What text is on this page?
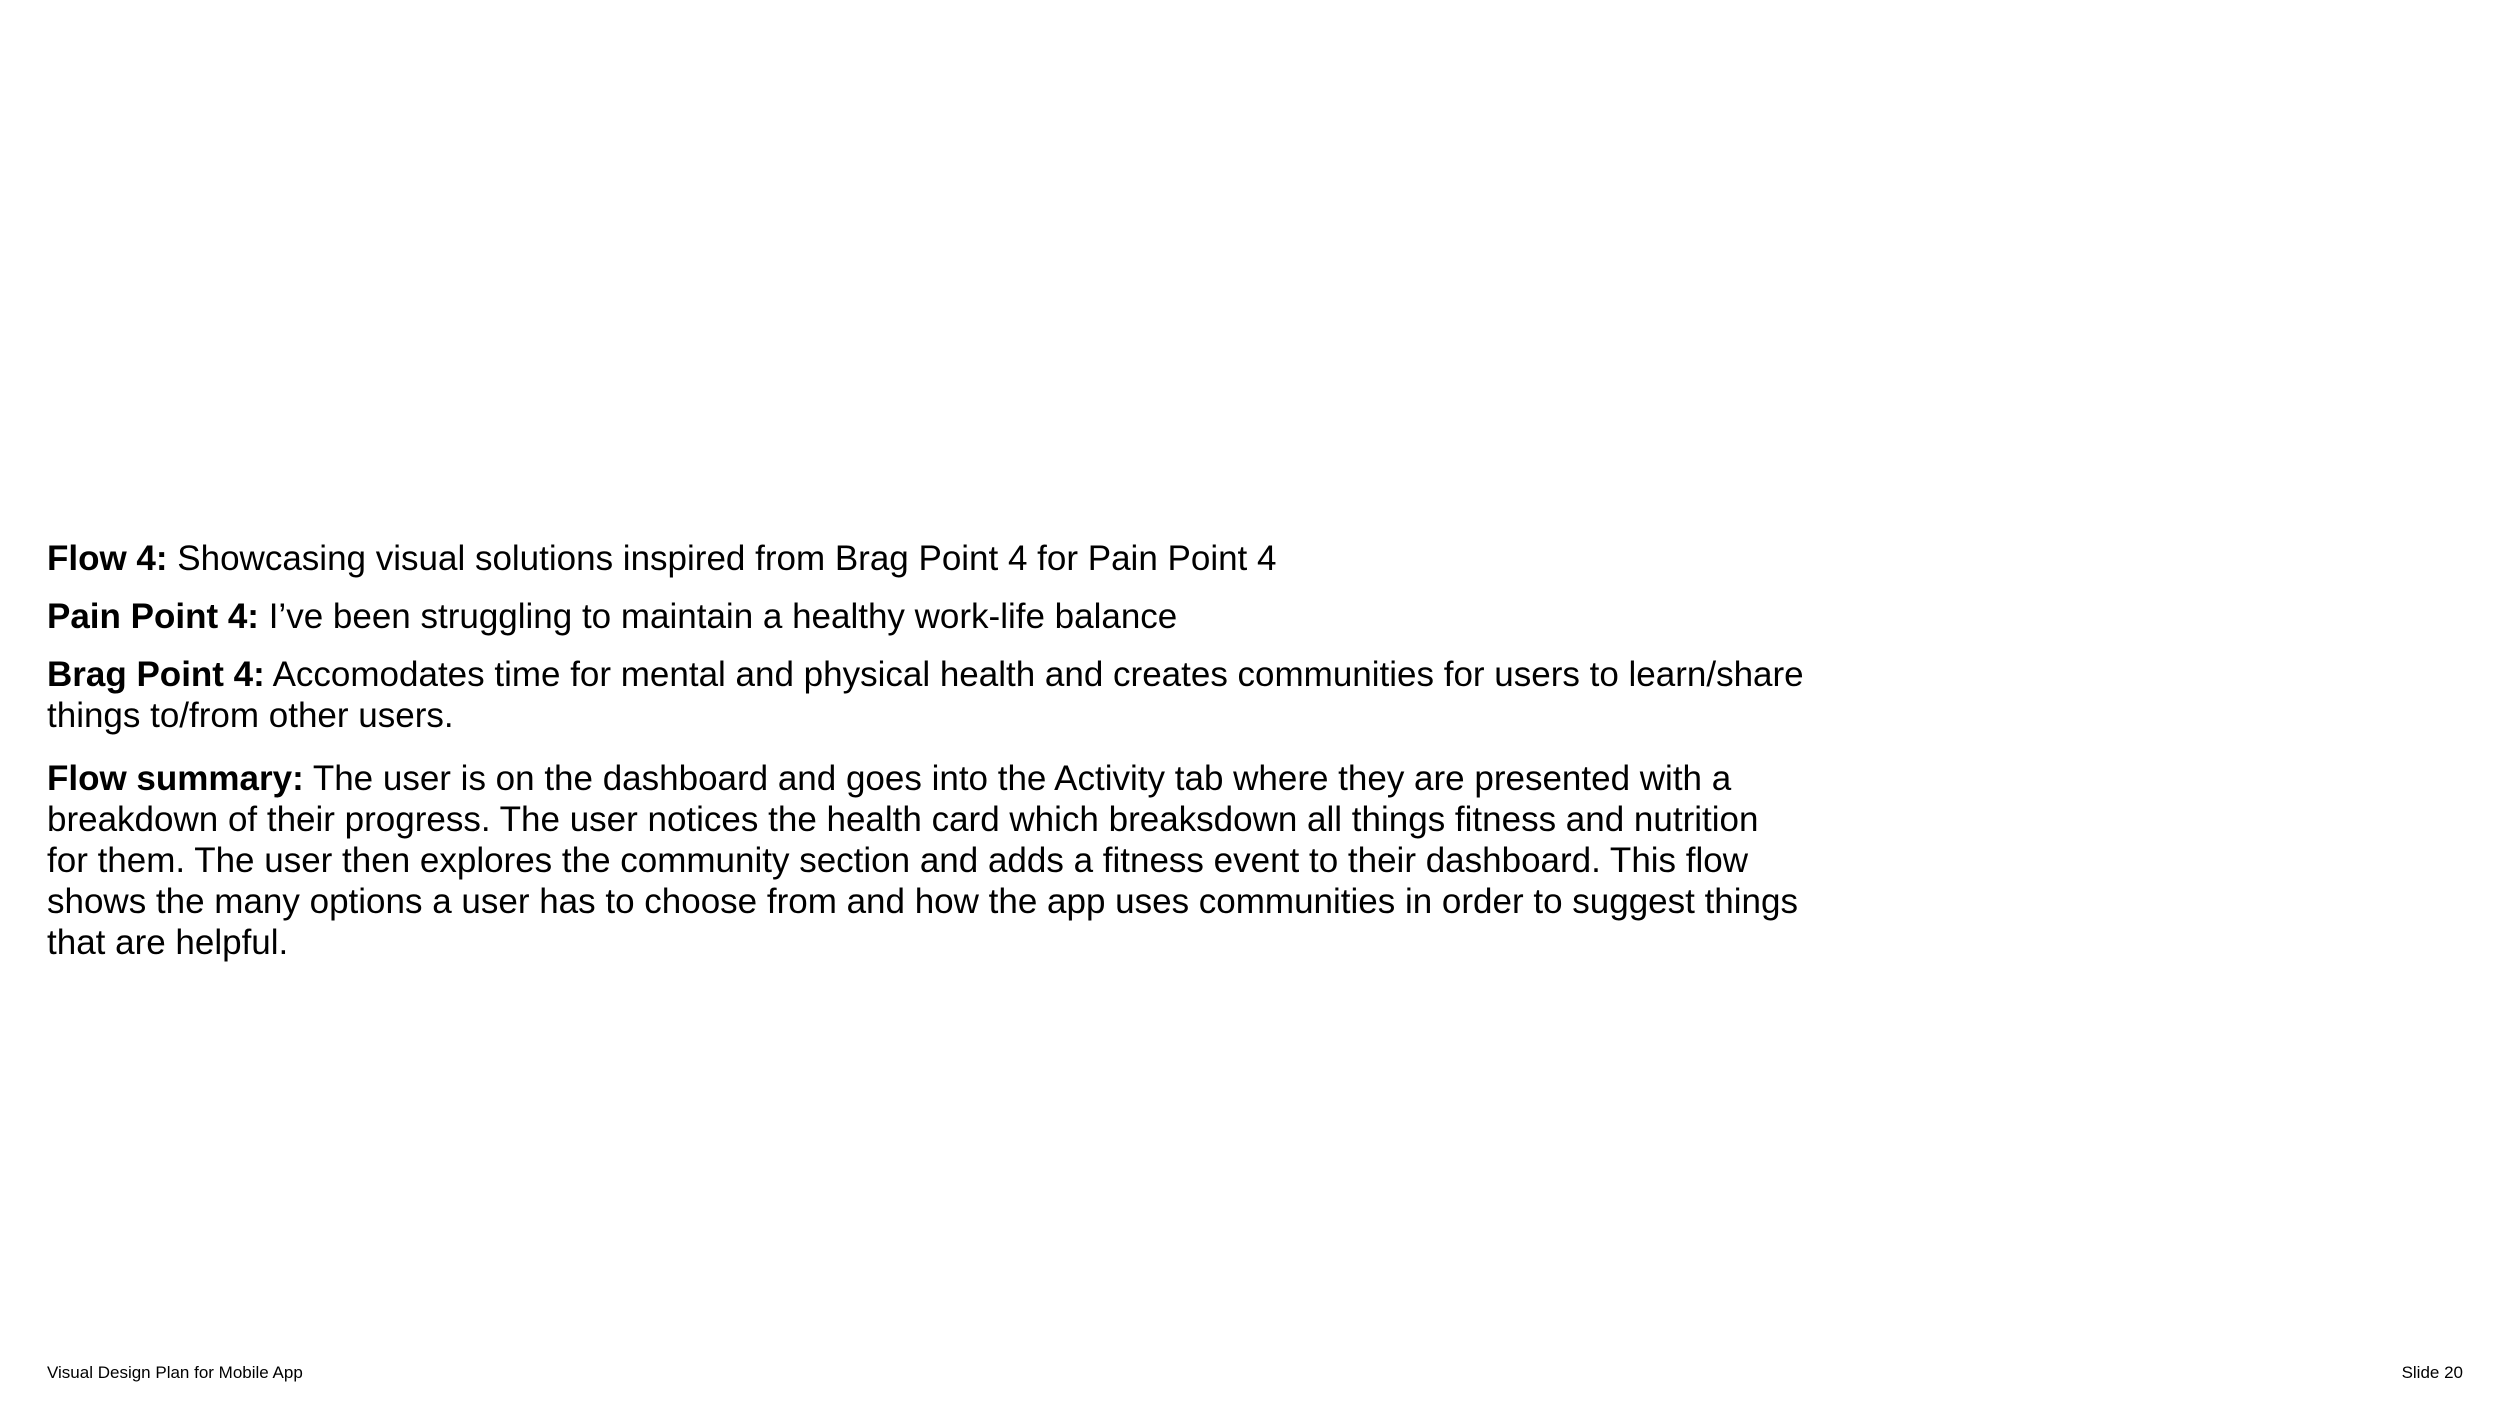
Flow 4: Showcasing visual solutions inspired from Brag Point 4 for Pain Point 4

Pain Point 4: I’ve been struggling to maintain a healthy work-life balance

Brag Point 4: Accomodates time for mental and physical health and creates communities for users to learn/share things to/from other users.

Flow summary: The user is on the dashboard and goes into the Activity tab where they are presented with a breakdown of their progress. The user notices the health card which breaksdown all things fitness and nutrition for them. The user then explores the community section and adds a fitness event to their dashboard. This flow shows the many options a user has to choose from and how the app uses communities in order to suggest things that are helpful.

Visual Design Plan for Mobile App	Slide 20
